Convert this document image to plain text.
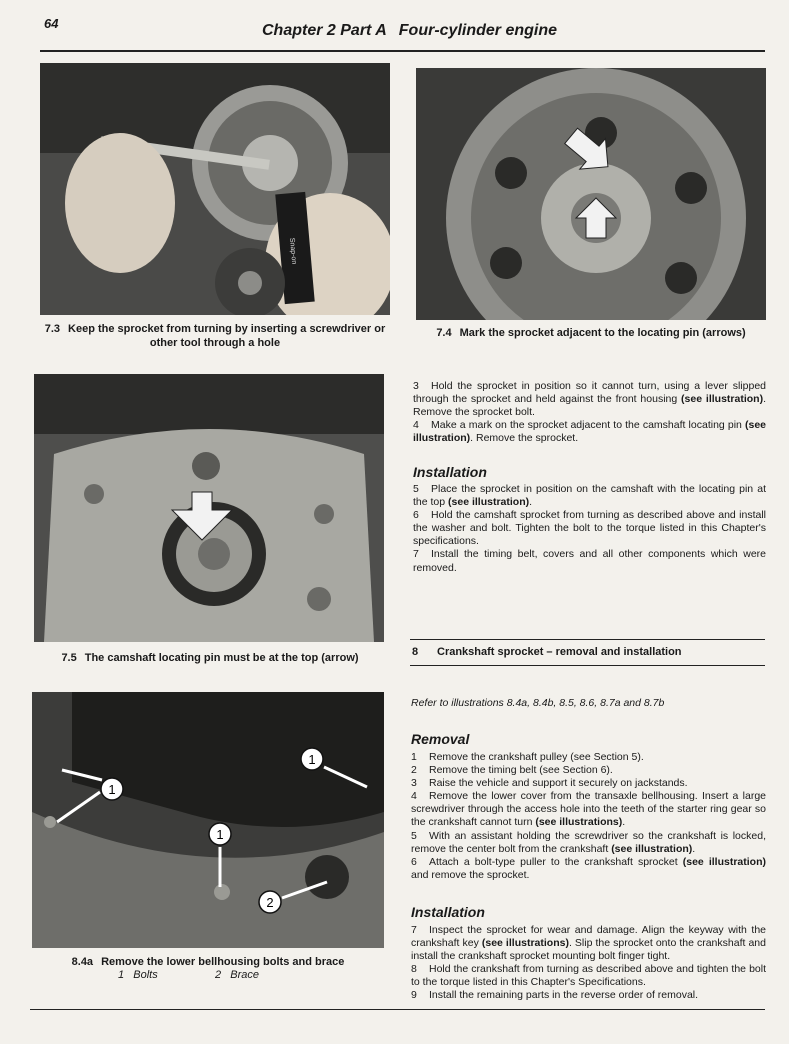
64	Chapter 2 Part A Four-cylinder engine
Snap-on
7.3 Keep the sprocket from turning by inserting a screwdriver or other tool through a hole
7.4 Mark the sprocket adjacent to the locating pin (arrows)
7.5 The camshaft locating pin must be at the top (arrow)
1
1
1
2
8.4a Remove the lower bellhousing bolts and brace
1   Bolts	2   Brace

3 Hold the sprocket in position so it cannot turn, using a lever slipped through the sprocket and held against the front housing (see illustration). Remove the sprocket bolt.

4 Make a mark on the sprocket adjacent to the camshaft locating pin (see illustration). Remove the sprocket.

Installation

5 Place the sprocket in position on the camshaft with the locating pin at the top (see illustration).

6 Hold the camshaft sprocket from turning as described above and install the washer and bolt. Tighten the bolt to the torque listed in this Chapter's specifications.

7 Install the timing belt, covers and all other components which were removed.

8 Crankshaft sprocket – removal and installation
Refer to illustrations 8.4a, 8.4b, 8.5, 8.6, 8.7a and 8.7b
Removal

1 Remove the crankshaft pulley (see Section 5).

2 Remove the timing belt (see Section 6).

3 Raise the vehicle and support it securely on jackstands.

4 Remove the lower cover from the transaxle bellhousing. Insert a large screwdriver through the access hole into the teeth of the starter ring gear so the crankshaft cannot turn (see illustrations).

5 With an assistant holding the screwdriver so the crankshaft is locked, remove the center bolt from the crankshaft (see illustration).

6 Attach a bolt-type puller to the crankshaft sprocket (see illustration) and remove the sprocket.

Installation

7 Inspect the sprocket for wear and damage. Align the keyway with the crankshaft key (see illustrations). Slip the sprocket onto the crankshaft and install the crankshaft sprocket mounting bolt finger tight.

8 Hold the crankshaft from turning as described above and tighten the bolt to the torque listed in this Chapter's Specifications.

9 Install the remaining parts in the reverse order of removal.
